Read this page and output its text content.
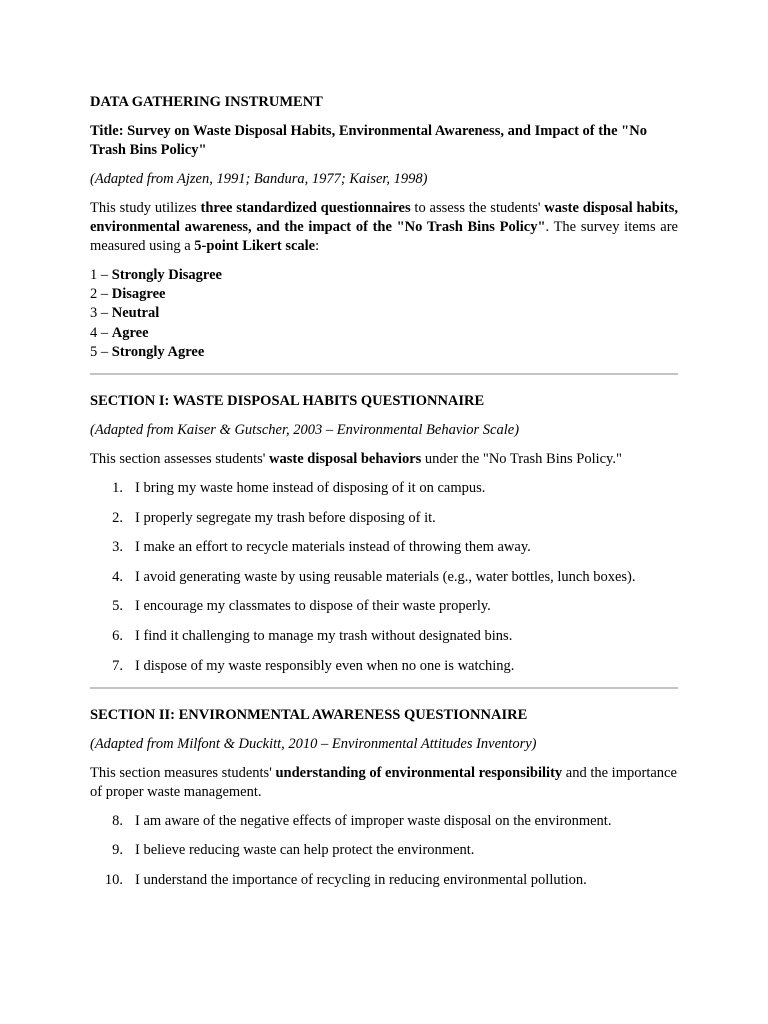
DATA GATHERING INSTRUMENT

Title: Survey on Waste Disposal Habits, Environmental Awareness, and Impact of the "No Trash Bins Policy"

(Adapted from Ajzen, 1991; Bandura, 1977; Kaiser, 1998)

This study utilizes three standardized questionnaires to assess the students' waste disposal habits, environmental awareness, and the impact of the "No Trash Bins Policy". The survey items are measured using a 5-point Likert scale:

1 – Strongly Disagree
2 – Disagree
3 – Neutral
4 – Agree
5 – Strongly Agree

SECTION I: WASTE DISPOSAL HABITS QUESTIONNAIRE

(Adapted from Kaiser & Gutscher, 2003 – Environmental Behavior Scale)

This section assesses students' waste disposal behaviors under the "No Trash Bins Policy."

1. I bring my waste home instead of disposing of it on campus.
2. I properly segregate my trash before disposing of it.
3. I make an effort to recycle materials instead of throwing them away.
4. I avoid generating waste by using reusable materials (e.g., water bottles, lunch boxes).
5. I encourage my classmates to dispose of their waste properly.
6. I find it challenging to manage my trash without designated bins.
7. I dispose of my waste responsibly even when no one is watching.

SECTION II: ENVIRONMENTAL AWARENESS QUESTIONNAIRE

(Adapted from Milfont & Duckitt, 2010 – Environmental Attitudes Inventory)

This section measures students' understanding of environmental responsibility and the importance of proper waste management.

8. I am aware of the negative effects of improper waste disposal on the environment.
9. I believe reducing waste can help protect the environment.
10. I understand the importance of recycling in reducing environmental pollution.
